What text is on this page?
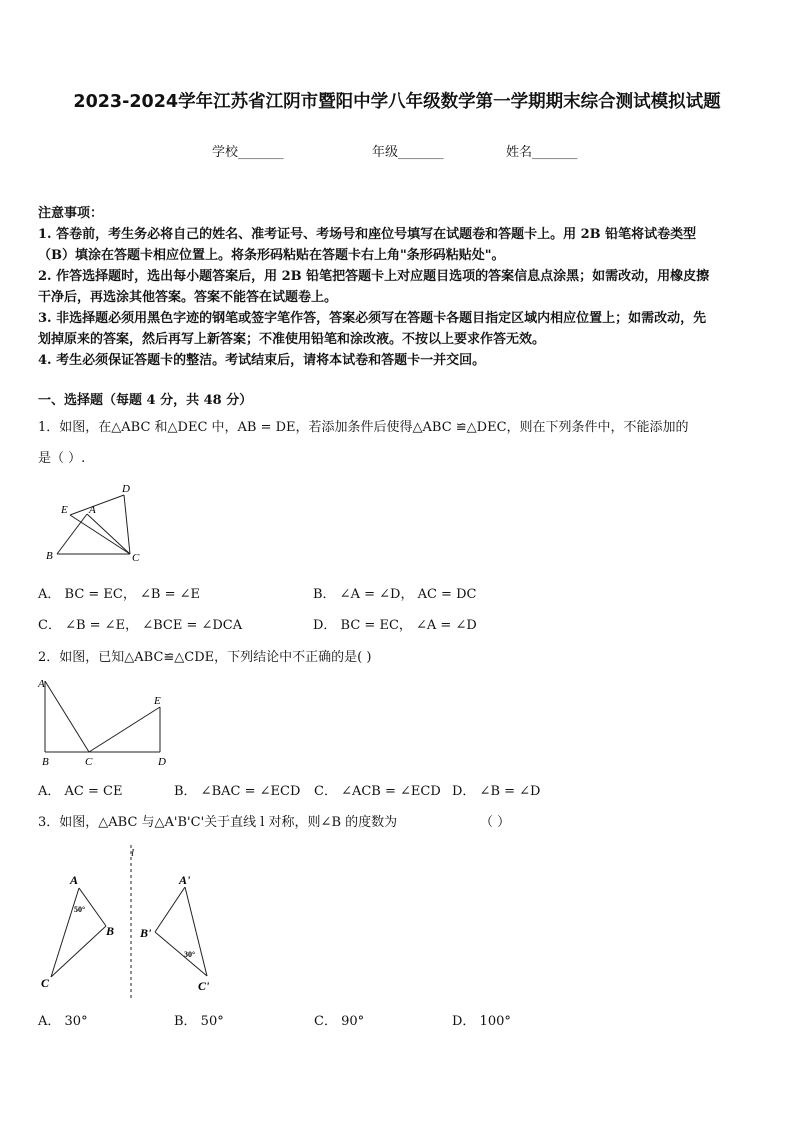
2023-2024学年江苏省江阴市暨阳中学八年级数学第一学期期末综合测试模拟试题
学校_______	年级_______	姓名_______
注意事项：
1. 答卷前，考生务必将自己的姓名、准考证号、考场号和座位号填写在试题卷和答题卡上。用 2B 铅笔将试卷类型
（B）填涂在答题卡相应位置上。将条形码粘贴在答题卡右上角"条形码粘贴处"。
2. 作答选择题时，选出每小题答案后，用 2B 铅笔把答题卡上对应题目选项的答案信息点涂黑；如需改动，用橡皮擦
干净后，再选涂其他答案。答案不能答在试题卷上。
3. 非选择题必须用黑色字迹的钢笔或签字笔作答，答案必须写在答题卡各题目指定区域内相应位置上；如需改动，先
划掉原来的答案，然后再写上新答案；不准使用铅笔和涂改液。不按以上要求作答无效。
4. 考生必须保证答题卡的整洁。考试结束后，请将本试卷和答题卡一并交回。
一、选择题（每题 4 分，共 48 分）
1．如图，在△ABC 和△DEC 中，AB = DE，若添加条件后使得△ABC ≌△DEC，则在下列条件中，不能添加的
是（ ）.
D
E A
B	C
A． BC = EC， ∠B = ∠E	B． ∠A = ∠D， AC = DC
C． ∠B = ∠E， ∠BCE = ∠DCA	D． BC = EC， ∠A = ∠D
2．如图，已知△ABC≌△CDE，下列结论中不正确的是( )
A
E
B	C	D
A． AC = CE	B． ∠BAC = ∠ECD C． ∠ACB = ∠ECD D． ∠B = ∠D
3．如图，△ABC 与△A'B'C'关于直线 l 对称，则∠B 的度数为	（ ）
l
A
B
C
50°
A'
B'
30°
C'
A． 30°	B． 50°	C． 90°	D． 100°
